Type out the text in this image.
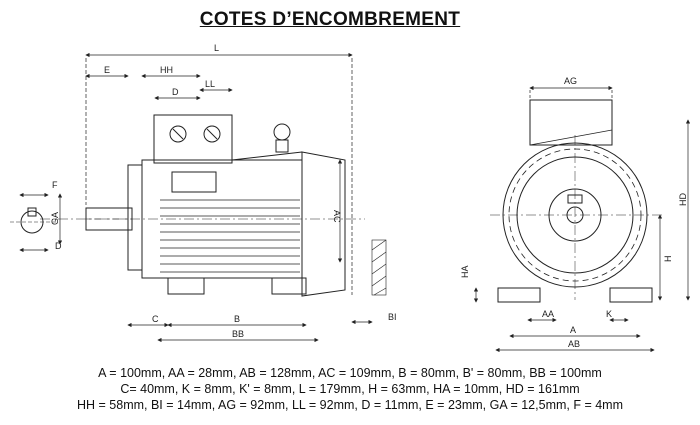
COTES D’ENCOMBREMENT
L
E	HH
D
LL
F
GA
D
AC
C	B
BB
BI
AG
HD
H
HA
AA	K
A
AB
A = 100mm, AA = 28mm, AB = 128mm, AC = 109mm, B = 80mm, B' = 80mm, BB = 100mm
C= 40mm, K = 8mm, K' = 8mm, L = 179mm, H = 63mm, HA = 10mm, HD = 161mm
HH = 58mm, BI = 14mm, AG = 92mm, LL = 92mm, D = 11mm, E = 23mm, GA = 12,5mm, F = 4mm
